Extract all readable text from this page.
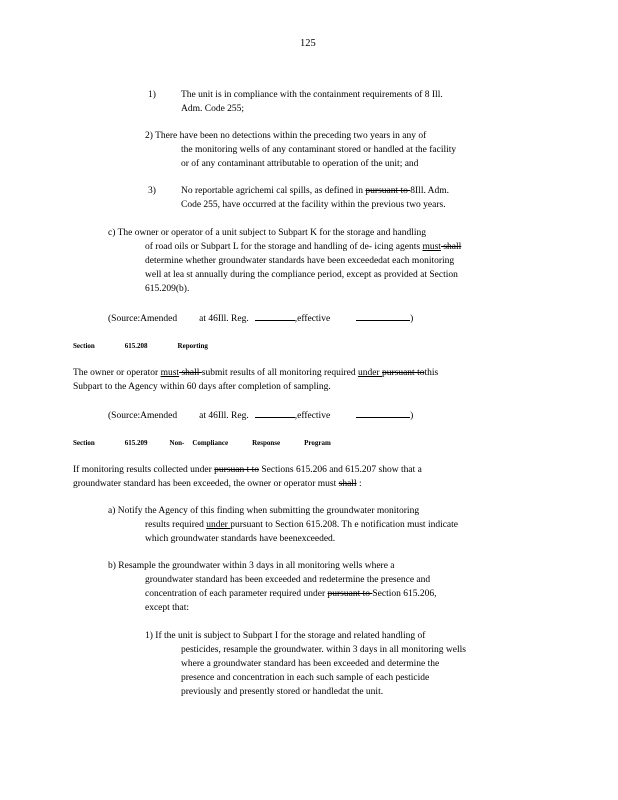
125
1)	The unit is in compliance with the containment requirements of 8 Ill.
Adm. Code 255;
2) There have been no detections within the preceding two years in any of
the monitoring wells of any contaminant stored or handled at the facility
or of any contaminant attributable to operation of the unit; and
3)	No reportable agrichemi cal spills, as defined in pursuant to 8Ill. Adm.
Code 255, have occurred at the facility within the previous two years.
c) The owner or operator of a unit subject to Subpart K for the storage and handling
of road oils or Subpart L for the storage and handling of de- icing agents must shall
determine whether groundwater standards have been exceededat each monitoring
well at lea st annually during the compliance period, except as provided at Section
615.209(b).
(Source:Amended at 46Ill. Reg.	,effective	)
Section	615.208	Reporting
The owner or operator must shall submit results of all monitoring required under pursuant tothis
Subpart to the Agency within 60 days after completion of sampling.
(Source:Amended at 46Ill. Reg.	,effective	)
Section	615.209	Non- Compliance	Response	Program
If monitoring results collected under pursuan t to Sections 615.206 and 615.207 show that a
groundwater standard has been exceeded, the owner or operator must shall :
a) Notify the Agency of this finding when submitting the groundwater monitoring
results required under pursuant to Section 615.208. Th e notification must indicate
which groundwater standards have beenexceeded.
b) Resample the groundwater within 3 days in all monitoring wells where a
groundwater standard has been exceeded and redetermine the presence and
concentration of each parameter required under pursuant to Section 615.206,
except that:
1) If the unit is subject to Subpart I for the storage and related handling of
pesticides, resample the groundwater. within 3 days in all monitoring wells
where a groundwater standard has been exceeded and determine the
presence and concentration in each such sample of each pesticide
previously and presently stored or handledat the unit.
